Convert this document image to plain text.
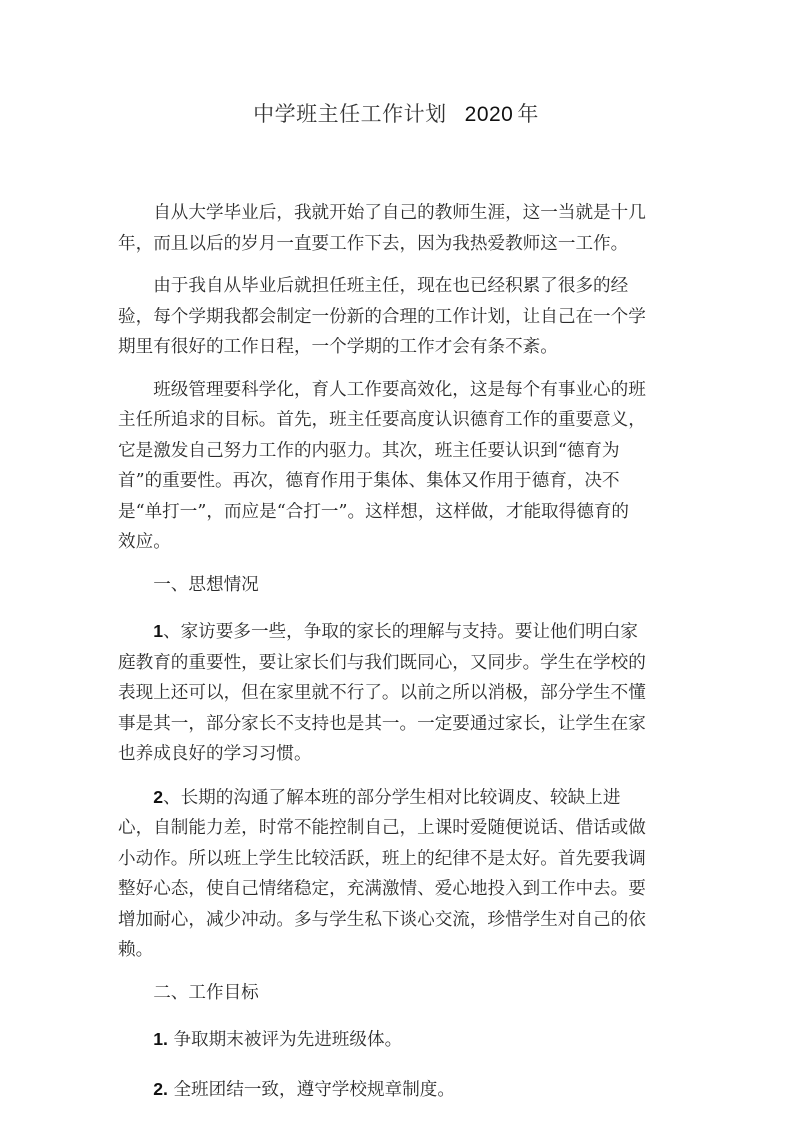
中学班主任工作计划 2020 年

自从大学毕业后，我就开始了自己的教师生涯，这一当就是十几年，而且以后的岁月一直要工作下去，因为我热爱教师这一工作。

由于我自从毕业后就担任班主任，现在也已经积累了很多的经验，每个学期我都会制定一份新的合理的工作计划，让自己在一个学期里有很好的工作日程，一个学期的工作才会有条不紊。

班级管理要科学化，育人工作要高效化，这是每个有事业心的班主任所追求的目标。首先，班主任要高度认识德育工作的重要意义，它是激发自己努力工作的内驱力。其次，班主任要认识到“德育为首”的重要性。再次，德育作用于集体、集体又作用于德育，决不是“单打一”，而应是“合打一”。这样想，这样做，才能取得德育的效应。

一、思想情况

1、家访要多一些，争取的家长的理解与支持。要让他们明白家庭教育的重要性，要让家长们与我们既同心，又同步。学生在学校的表现上还可以，但在家里就不行了。以前之所以消极，部分学生不懂事是其一，部分家长不支持也是其一。一定要通过家长，让学生在家也养成良好的学习习惯。

2、长期的沟通了解本班的部分学生相对比较调皮、较缺上进心，自制能力差，时常不能控制自己，上课时爱随便说话、借话或做小动作。所以班上学生比较活跃，班上的纪律不是太好。首先要我调整好心态，使自己情绪稳定，充满激情、爱心地投入到工作中去。要增加耐心，减少冲动。多与学生私下谈心交流，珍惜学生对自己的依赖。

二、工作目标

1. 争取期末被评为先进班级体。

2. 全班团结一致，遵守学校规章制度。
